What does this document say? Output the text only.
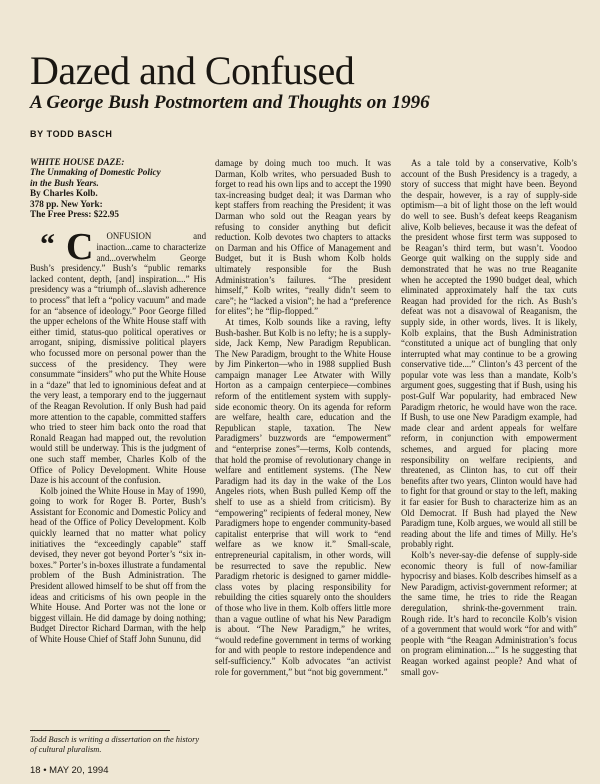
Dazed and Confused
A George Bush Postmortem and Thoughts on 1996
BY TODD BASCH
WHITE HOUSE DAZE:
The Unmaking of Domestic Policy
in the Bush Years.
By Charles Kolb.
378 pp. New York:
The Free Press: $22.95

“ C ONFUSION and inaction...came to characterize and...overwhelm George Bush’s presidency.” Bush’s “public remarks lacked content, depth, [and] inspiration....” His presidency was a “triumph of...slavish adherence to process” that left a “policy vacuum” and made for an “absence of ideology.” Poor George filled the upper echelons of the White House staff with either timid, status-quo political operatives or arrogant, sniping, dismissive political players who focussed more on personal power than the success of the presidency. They were consummate “insiders” who put the White House in a “daze” that led to ignominious defeat and at the very least, a temporary end to the juggernaut of the Reagan Revolution. If only Bush had paid more attention to the capable, committed staffers who tried to steer him back onto the road that Ronald Reagan had mapped out, the revolution would still be underway. This is the judgment of one such staff member, Charles Kolb of the Office of Policy Development. White House Daze is his account of the confusion.

Kolb joined the White House in May of 1990, going to work for Roger B. Porter, Bush’s Assistant for Economic and Domestic Policy and head of the Office of Policy Development. Kolb quickly learned that no matter what policy initiatives the “exceedingly capable” staff devised, they never got beyond Porter’s “six in-boxes.” Porter’s in-boxes illustrate a fundamental problem of the Bush Administration. The President allowed himself to be shut off from the ideas and criticisms of his own people in the White House. And Porter was not the lone or biggest villain. He did damage by doing nothing; Budget Director Richard Darman, with the help of White House Chief of Staff John Sununu, did

damage by doing much too much. It was Darman, Kolb writes, who persuaded Bush to forget to read his own lips and to accept the 1990 tax-increasing budget deal; it was Darman who kept staffers from reaching the President; it was Darman who sold out the Reagan years by refusing to consider anything but deficit reduction. Kolb devotes two chapters to attacks on Darman and his Office of Management and Budget, but it is Bush whom Kolb holds ultimately responsible for the Bush Administration’s failures. “The president himself,” Kolb writes, “really didn’t seem to care”; he “lacked a vision”; he had a “preference for elites”; he “flip-flopped.”

At times, Kolb sounds like a raving, lefty Bush-basher. But Kolb is no lefty; he is a supply-side, Jack Kemp, New Paradigm Republican. The New Paradigm, brought to the White House by Jim Pinkerton—who in 1988 supplied Bush campaign manager Lee Atwater with Willy Horton as a campaign centerpiece—combines reform of the entitlement system with supply-side economic theory. On its agenda for reform are welfare, health care, education and the Republican staple, taxation. The New Paradigmers’ buzzwords are “empowerment” and “enterprise zones”—terms, Kolb contends, that hold the promise of revolutionary change in welfare and entitlement systems. (The New Paradigm had its day in the wake of the Los Angeles riots, when Bush pulled Kemp off the shelf to use as a shield from criticism). By “empowering” recipients of federal money, New Paradigmers hope to engender community-based capitalist enterprise that will work to “end welfare as we know it.” Small-scale, entrepreneurial capitalism, in other words, will be resurrected to save the republic. New Paradigm rhetoric is designed to garner middle-class votes by placing responsibility for rebuilding the cities squarely onto the shoulders of those who live in them. Kolb offers little more than a vague outline of what his New Paradigm is about. “The New Paradigm,” he writes, “would redefine government in terms of working for and with people to restore independence and self-sufficiency.” Kolb advocates “an activist role for government,” but “not big government.”

As a tale told by a conservative, Kolb’s account of the Bush Presidency is a tragedy, a story of success that might have been. Beyond the despair, however, is a ray of supply-side optimism—a bit of light those on the left would do well to see. Bush’s defeat keeps Reaganism alive, Kolb believes, because it was the defeat of the president whose first term was supposed to be Reagan’s third term, but wasn’t. Voodoo George quit walking on the supply side and demonstrated that he was no true Reaganite when he accepted the 1990 budget deal, which eliminated approximately half the tax cuts Reagan had provided for the rich. As Bush’s defeat was not a disavowal of Reaganism, the supply side, in other words, lives. It is likely, Kolb explains, that the Bush Administration “constituted a unique act of bungling that only interrupted what may continue to be a growing conservative tide....” Clinton’s 43 percent of the popular vote was less than a mandate, Kolb’s argument goes, suggesting that if Bush, using his post-Gulf War popularity, had embraced New Paradigm rhetoric, he would have won the race. If Bush, to use one New Paradigm example, had made clear and ardent appeals for welfare reform, in conjunction with empowerment schemes, and argued for placing more responsibility on welfare recipients, and threatened, as Clinton has, to cut off their benefits after two years, Clinton would have had to fight for that ground or stay to the left, making it far easier for Bush to characterize him as an Old Democrat. If Bush had played the New Paradigm tune, Kolb argues, we would all still be reading about the life and times of Milly. He’s probably right.

Kolb’s never-say-die defense of supply-side economic theory is full of now-familiar hypocrisy and biases. Kolb describes himself as a New Paradigm, activist-government reformer; at the same time, he tries to ride the Reagan deregulation, shrink-the-government train. Rough ride. It’s hard to reconcile Kolb’s vision of a government that would work “for and with” people with “the Reagan Administration’s focus on program elimination....” Is he suggesting that Reagan worked against people? And what of small gov-

Todd Basch is writing a dissertation on the history of cultural pluralism.
18 • MAY 20, 1994
